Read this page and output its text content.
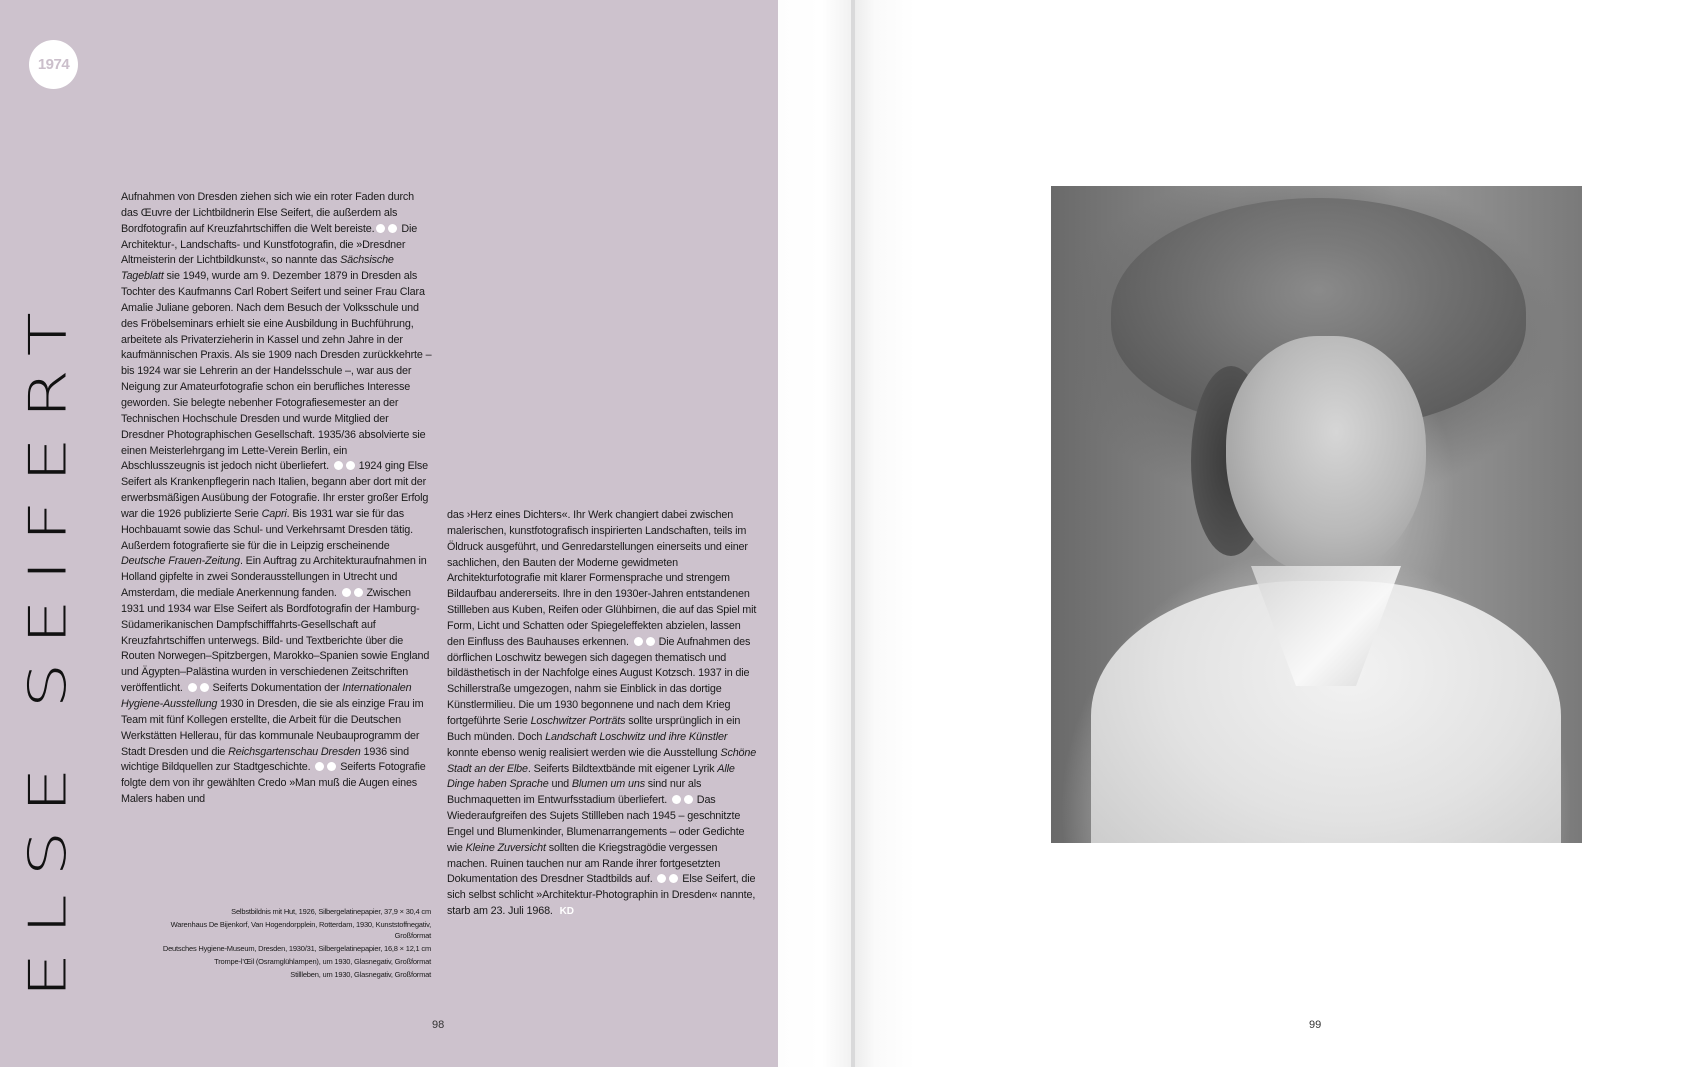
1974
ELSE SEIFERT

Aufnahmen von Dresden ziehen sich wie ein roter Faden durch das Œuvre der Lichtbildnerin Else Seifert, die außerdem als Bordfotografin auf Kreuzfahrtschiffen die Welt bereiste. Die Architektur-, Landschafts- und Kunstfotografin, die »Dresdner Altmeisterin der Lichtbildkunst«, so nannte das Sächsische Tageblatt sie 1949, wurde am 9. Dezember 1879 in Dresden als Tochter des Kaufmanns Carl Robert Seifert und seiner Frau Clara Amalie Juliane geboren. Nach dem Besuch der Volksschule und des Fröbelseminars erhielt sie eine Ausbildung in Buchführung, arbeitete als Privaterzieherin in Kassel und zehn Jahre in der kaufmännischen Praxis. Als sie 1909 nach Dresden zurückkehrte – bis 1924 war sie Lehrerin an der Handelsschule –, war aus der Neigung zur Amateurfotografie schon ein berufliches Interesse geworden. Sie belegte nebenher Fotografiesemester an der Technischen Hochschule Dresden und wurde Mitglied der Dresdner Photographischen Gesellschaft. 1935/36 absolvierte sie einen Meisterlehrgang im Lette-Verein Berlin, ein Abschlusszeugnis ist jedoch nicht überliefert.  1924 ging Else Seifert als Krankenpflegerin nach Italien, begann aber dort mit der erwerbsmäßigen Ausübung der Fotografie. Ihr erster großer Erfolg war die 1926 publizierte Serie Capri. Bis 1931 war sie für das Hochbauamt sowie das Schul- und Verkehrsamt Dresden tätig. Außerdem fotografierte sie für die in Leipzig erscheinende Deutsche Frauen-Zeitung. Ein Auftrag zu Architekturaufnahmen in Holland gipfelte in zwei Sonderausstellungen in Utrecht und Amsterdam, die mediale Anerkennung fanden.  Zwischen 1931 und 1934 war Else Seifert als Bordfotografin der Hamburg-Südamerikanischen Dampfschifffahrts-Gesellschaft auf Kreuzfahrtschiffen unterwegs. Bild- und Textberichte über die Routen Norwegen–Spitzbergen, Marokko–Spanien sowie England und Ägypten–Palästina wurden in verschiedenen Zeitschriften veröffentlicht.  Seiferts Dokumentation der Internationalen Hygiene-Ausstellung 1930 in Dresden, die sie als einzige Frau im Team mit fünf Kollegen erstellte, die Arbeit für die Deutschen Werkstätten Hellerau, für das kommunale Neubauprogramm der Stadt Dresden und die Reichsgartenschau Dresden 1936 sind wichtige Bildquellen zur Stadtgeschichte.  Seiferts Fotografie folgte dem von ihr gewählten Credo »Man muß die Augen eines Malers haben und

das ›Herz eines Dichters«. Ihr Werk changiert dabei zwischen malerischen, kunstfotografisch inspirierten Landschaften, teils im Öldruck ausgeführt, und Genredarstellungen einerseits und einer sachlichen, den Bauten der Moderne gewidmeten Architekturfotografie mit klarer Formensprache und strengem Bildaufbau andererseits. Ihre in den 1930er-Jahren entstandenen Stillleben aus Kuben, Reifen oder Glühbirnen, die auf das Spiel mit Form, Licht und Schatten oder Spiegeleffekten abzielen, lassen den Einfluss des Bauhauses erkennen.  Die Aufnahmen des dörflichen Loschwitz bewegen sich dagegen thematisch und bildästhetisch in der Nachfolge eines August Kotzsch. 1937 in die Schillerstraße umgezogen, nahm sie Einblick in das dortige Künstlermilieu. Die um 1930 begonnene und nach dem Krieg fortgeführte Serie Loschwitzer Porträts sollte ursprünglich in ein Buch münden. Doch Landschaft Loschwitz und ihre Künstler konnte ebenso wenig realisiert werden wie die Ausstellung Schöne Stadt an der Elbe. Seiferts Bildtextbände mit eigener Lyrik Alle Dinge haben Sprache und Blumen um uns sind nur als Buchmaquetten im Entwurfsstadium überliefert.  Das Wiederaufgreifen des Sujets Stillleben nach 1945 – geschnitzte Engel und Blumenkinder, Blumenarrangements – oder Gedichte wie Kleine Zuversicht sollten die Kriegstragödie vergessen machen. Ruinen tauchen nur am Rande ihrer fortgesetzten Dokumentation des Dresdner Stadtbilds auf.  Else Seifert, die sich selbst schlicht »Architektur-Photographin in Dresden« nannte, starb am 23. Juli 1968. KD

Selbstbildnis mit Hut, 1926, Silbergelatinepapier, 37,9 × 30,4 cm
Warenhaus De Bijenkorf, Van Hogendorpplein, Rotterdam, 1930, Kunststoffnegativ, Großformat
Deutsches Hygiene-Museum, Dresden, 1930/31, Silbergelatinepapier, 16,8 × 12,1 cm
Trompe-l’Œil (Osramglühlampen), um 1930, Glasnegativ, Großformat
Stillleben, um 1930, Glasnegativ, Großformat
98	99
